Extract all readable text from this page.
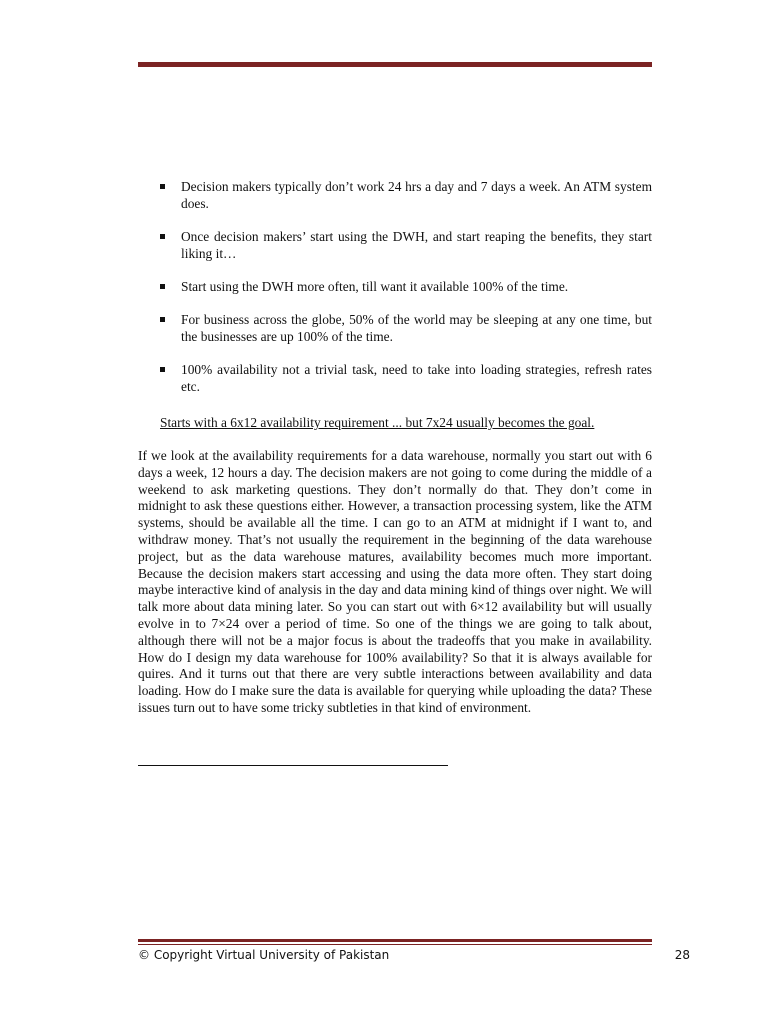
Decision makers typically don’t work 24 hrs a day and 7 days a week. An ATM system does.
Once decision makers’ start using the DWH, and start reaping the benefits, they start liking it…
Start using the DWH more often, till want it available 100% of the time.
For business across the globe, 50% of the world may be sleeping at any one time, but the businesses are up 100% of the time.
100% availability not a trivial task, need to take into loading strategies, refresh rates etc.
Starts with a 6x12 availability requirement ... but 7x24 usually becomes the goal.

If we look at the availability requirements for a data warehouse, normally you start out with 6 days a week, 12 hours a day. The decision makers are not going to come during the middle of a weekend to ask marketing questions. They don’t normally do that. They don’t come in midnight to ask these questions either. However, a transaction processing system, like the ATM systems, should be available all the time. I can go to an ATM at midnight if I want to, and withdraw money. That’s not usually the requirement in the beginning of the data warehouse project, but as the data warehouse matures, availability becomes much more important. Because the decision makers start accessing and using the data more often. They start doing maybe interactive kind of analysis in the day and data mining kind of things over night. We will talk more about data mining later. So you can start out with 6×12 availability but will usually evolve in to 7×24 over a period of time. So one of the things we are going to talk about, although there will not be a major focus is about the tradeoffs that you make in availability. How do I design my data warehouse for 100% availability? So that it is always available for quires. And it turns out that there are very subtle interactions between availability and data loading. How do I make sure the data is available for querying while uploading the data? These issues turn out to have some tricky subtleties in that kind of environment.

© Copyright Virtual University of Pakistan	28
